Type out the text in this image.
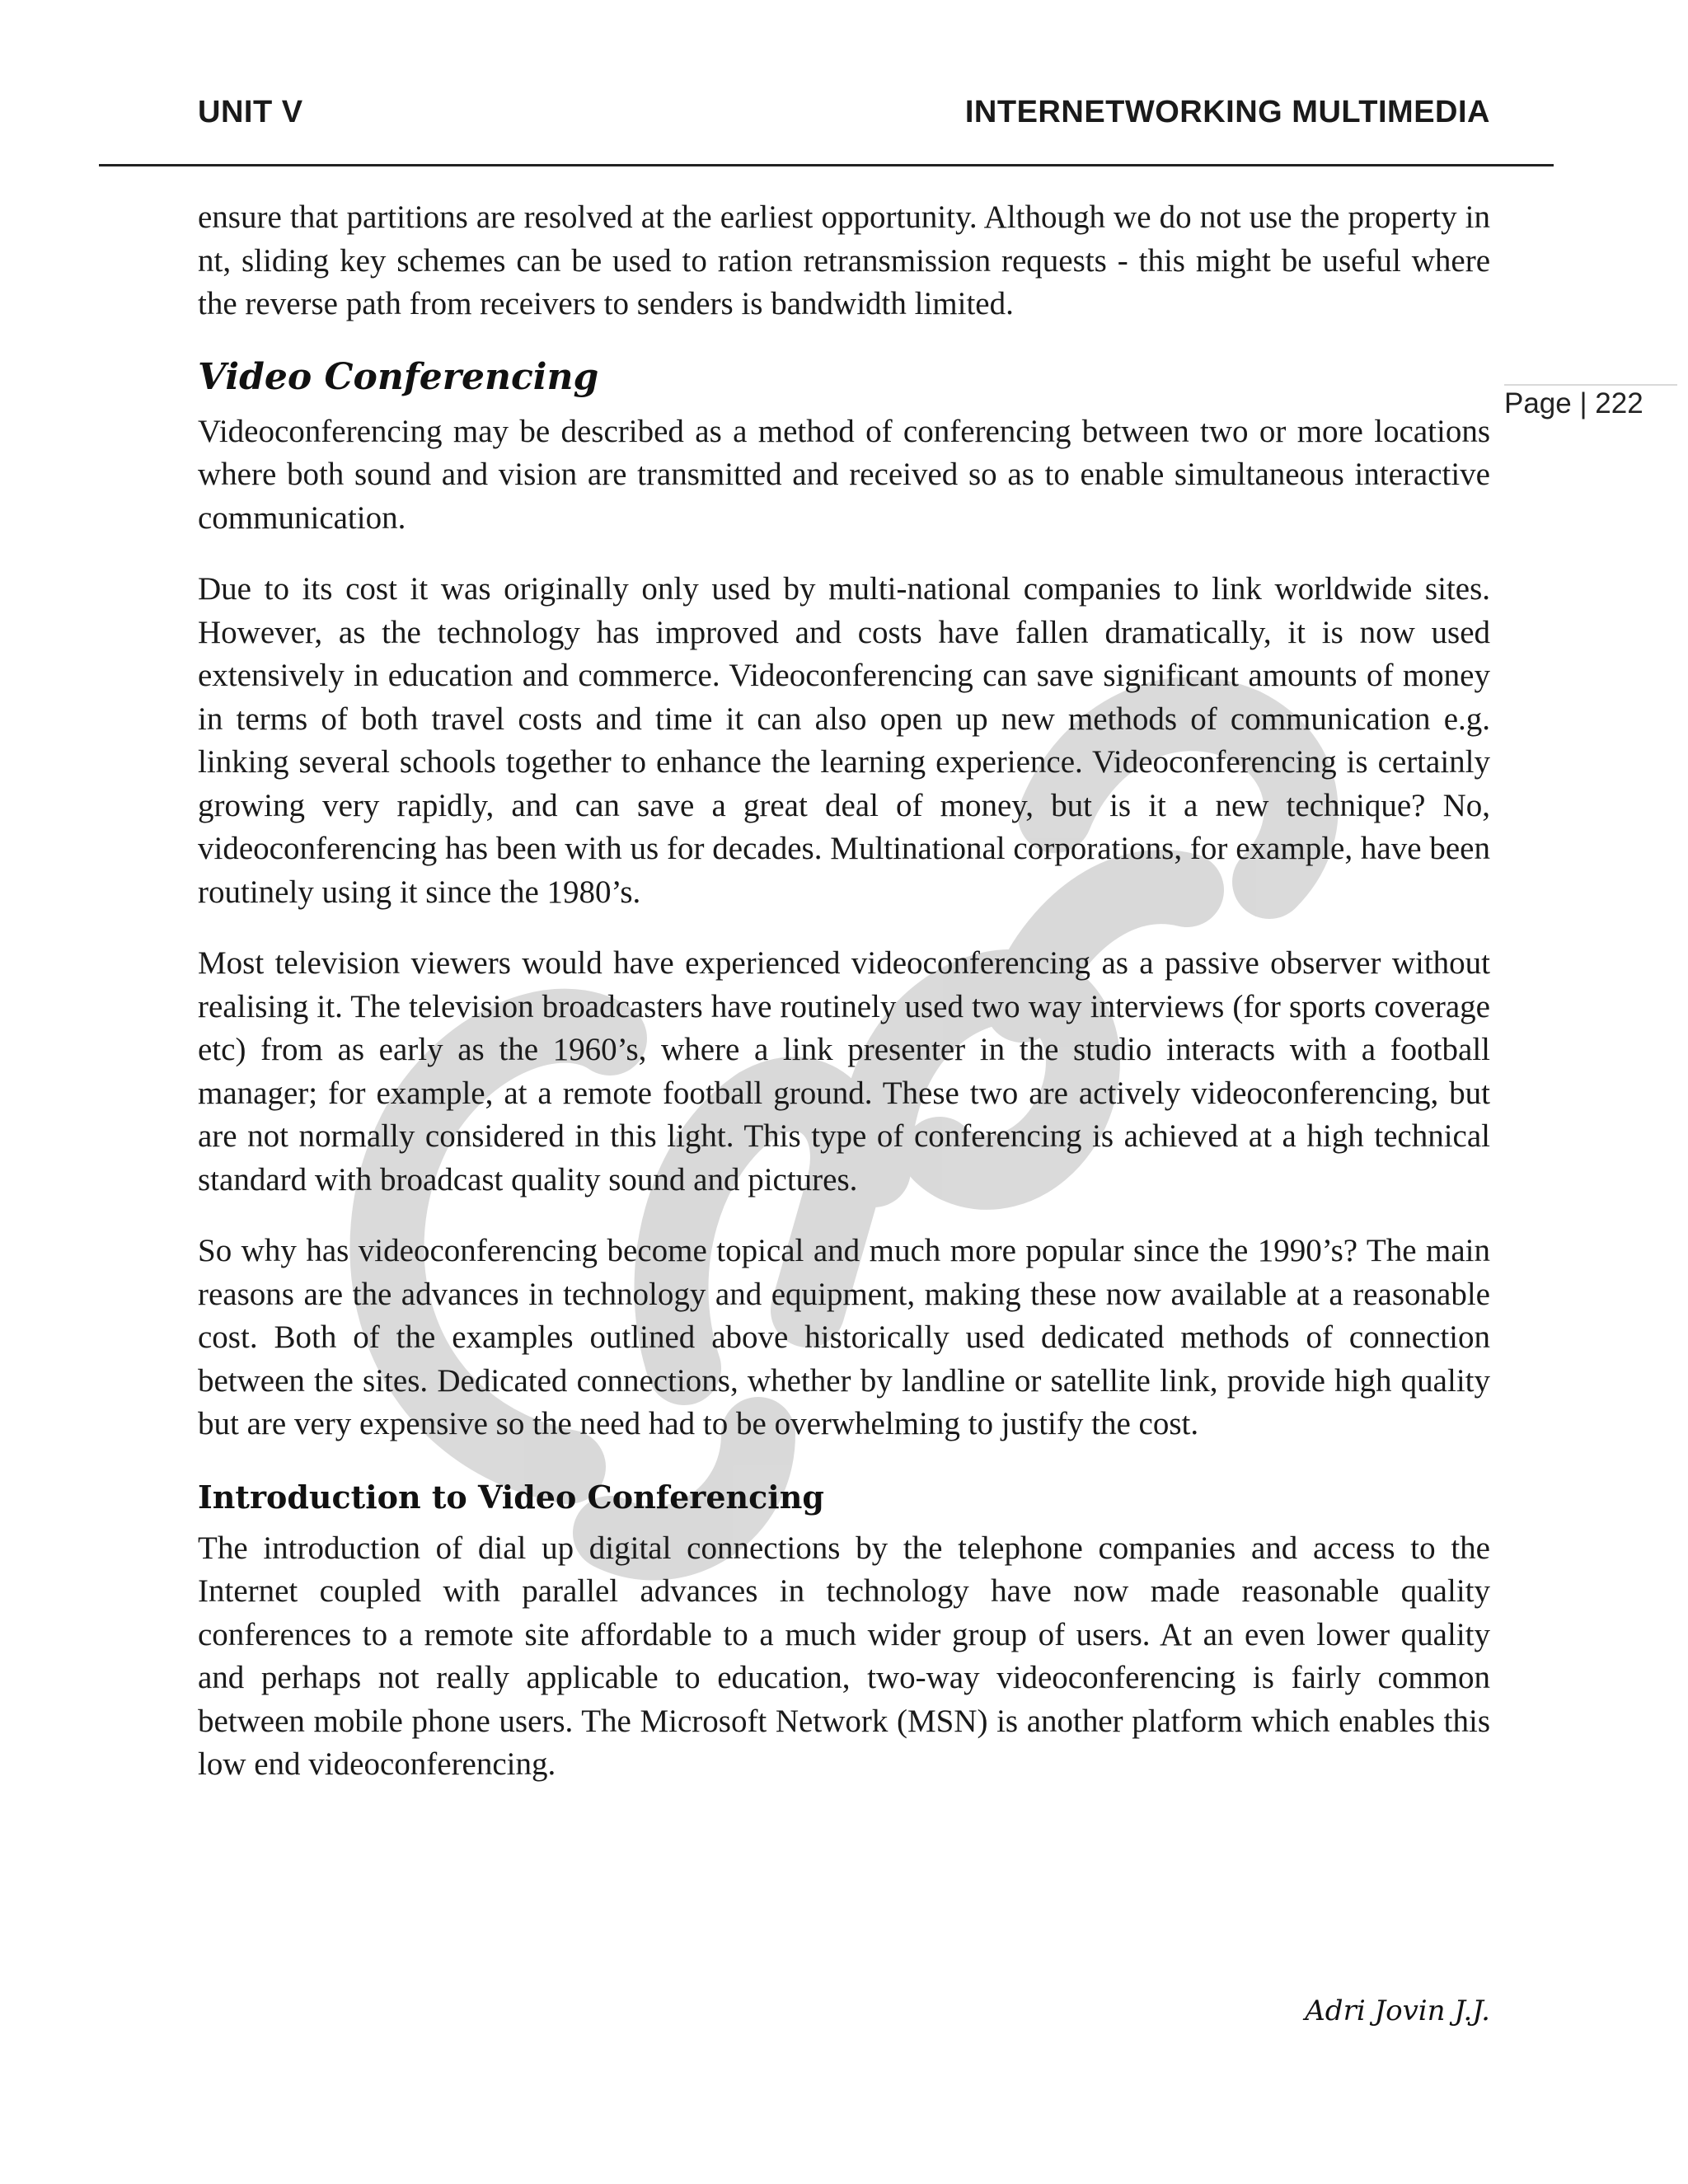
UNIT V	INTERNETWORKING MULTIMEDIA
Page | 222

ensure that partitions are resolved at the earliest opportunity. Although we do not use the property in nt, sliding key schemes can be used to ration retransmission requests - this might be useful where the reverse path from receivers to senders is bandwidth limited.

Video Conferencing

Videoconferencing may be described as a method of conferencing between two or more locations where both sound and vision are transmitted and received so as to enable simultaneous interactive communication.

Due to its cost it was originally only used by multi-national companies to link worldwide sites. However, as the technology has improved and costs have fallen dramatically, it is now used extensively in education and commerce. Videoconferencing can save significant amounts of money in terms of both travel costs and time it can also open up new methods of communication e.g. linking several schools together to enhance the learning experience. Videoconferencing is certainly growing very rapidly, and can save a great deal of money, but is it a new technique? No, videoconferencing has been with us for decades. Multinational corporations, for example, have been routinely using it since the 1980’s.

Most television viewers would have experienced videoconferencing as a passive observer without realising it. The television broadcasters have routinely used two way interviews (for sports coverage etc) from as early as the 1960’s, where a link presenter in the studio interacts with a football manager; for example, at a remote football ground. These two are actively videoconferencing, but are not normally considered in this light. This type of conferencing is achieved at a high technical standard with broadcast quality sound and pictures.

So why has videoconferencing become topical and much more popular since the 1990’s? The main reasons are the advances in technology and equipment, making these now available at a reasonable cost. Both of the examples outlined above historically used dedicated methods of connection between the sites. Dedicated connections, whether by landline or satellite link, provide high quality but are very expensive so the need had to be overwhelming to justify the cost.

Introduction to Video Conferencing

The introduction of dial up digital connections by the telephone companies and access to the Internet coupled with parallel advances in technology have now made reasonable quality conferences to a remote site affordable to a much wider group of users. At an even lower quality and perhaps not really applicable to education, two-way videoconferencing is fairly common between mobile phone users. The Microsoft Network (MSN) is another platform which enables this low end videoconferencing.

Adri Jovin J.J.
